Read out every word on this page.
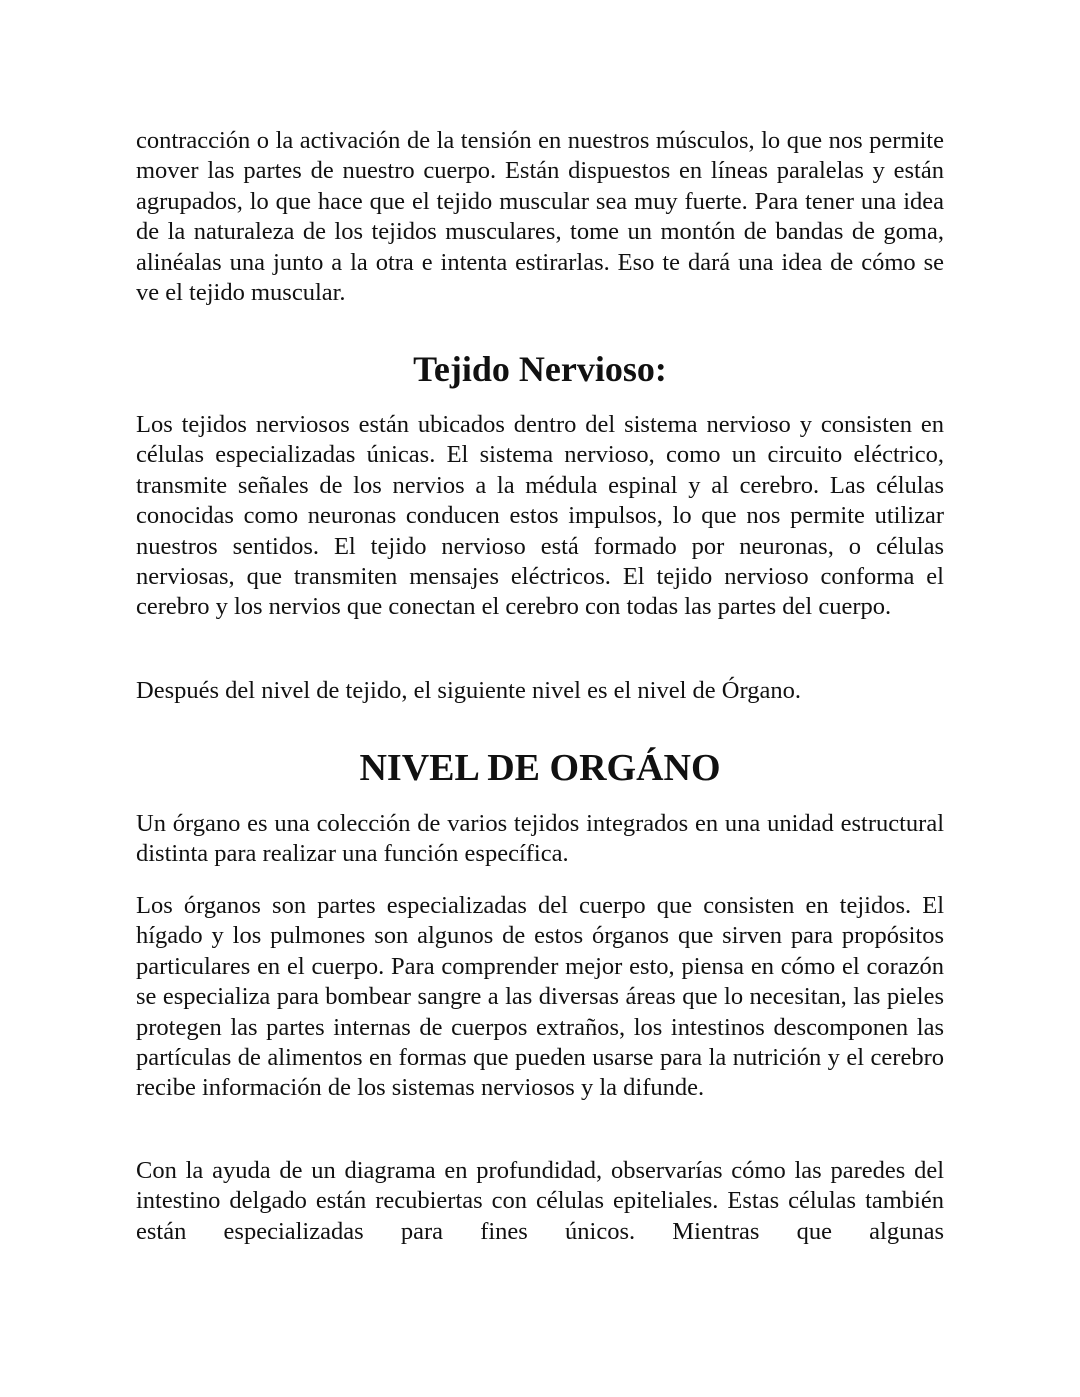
contracción o la activación de la tensión en nuestros músculos, lo que nos permite mover las partes de nuestro cuerpo. Están dispuestos en líneas paralelas y están agrupados, lo que hace que el tejido muscular sea muy fuerte. Para tener una idea de la naturaleza de los tejidos musculares, tome un montón de bandas de goma, alinéalas una junto a la otra e intenta estirarlas. Eso te dará una idea de cómo se ve el tejido muscular.

Tejido Nervioso:

Los tejidos nerviosos están ubicados dentro del sistema nervioso y consisten en células especializadas únicas. El sistema nervioso, como un circuito eléctrico, transmite señales de los nervios a la médula espinal y al cerebro. Las células conocidas como neuronas conducen estos impulsos, lo que nos permite utilizar nuestros sentidos. El tejido nervioso está formado por neuronas, o células nerviosas, que transmiten mensajes eléctricos. El tejido nervioso conforma el cerebro y los nervios que conectan el cerebro con todas las partes del cuerpo.

Después del nivel de tejido, el siguiente nivel es el nivel de Órgano.

NIVEL DE ORGÁNO

Un órgano es una colección de varios tejidos integrados en una unidad estructural distinta para realizar una función específica.

Los órganos son partes especializadas del cuerpo que consisten en tejidos. El hígado y los pulmones son algunos de estos órganos que sirven para propósitos particulares en el cuerpo. Para comprender mejor esto, piensa en cómo el corazón se especializa para bombear sangre a las diversas áreas que lo necesitan, las pieles protegen las partes internas de cuerpos extraños, los intestinos descomponen las partículas de alimentos en formas que pueden usarse para la nutrición y el cerebro recibe información de los sistemas nerviosos y la difunde.

Con la ayuda de un diagrama en profundidad, observarías cómo las paredes del intestino delgado están recubiertas con células epiteliales. Estas células también están especializadas para fines únicos. Mientras que algunas
